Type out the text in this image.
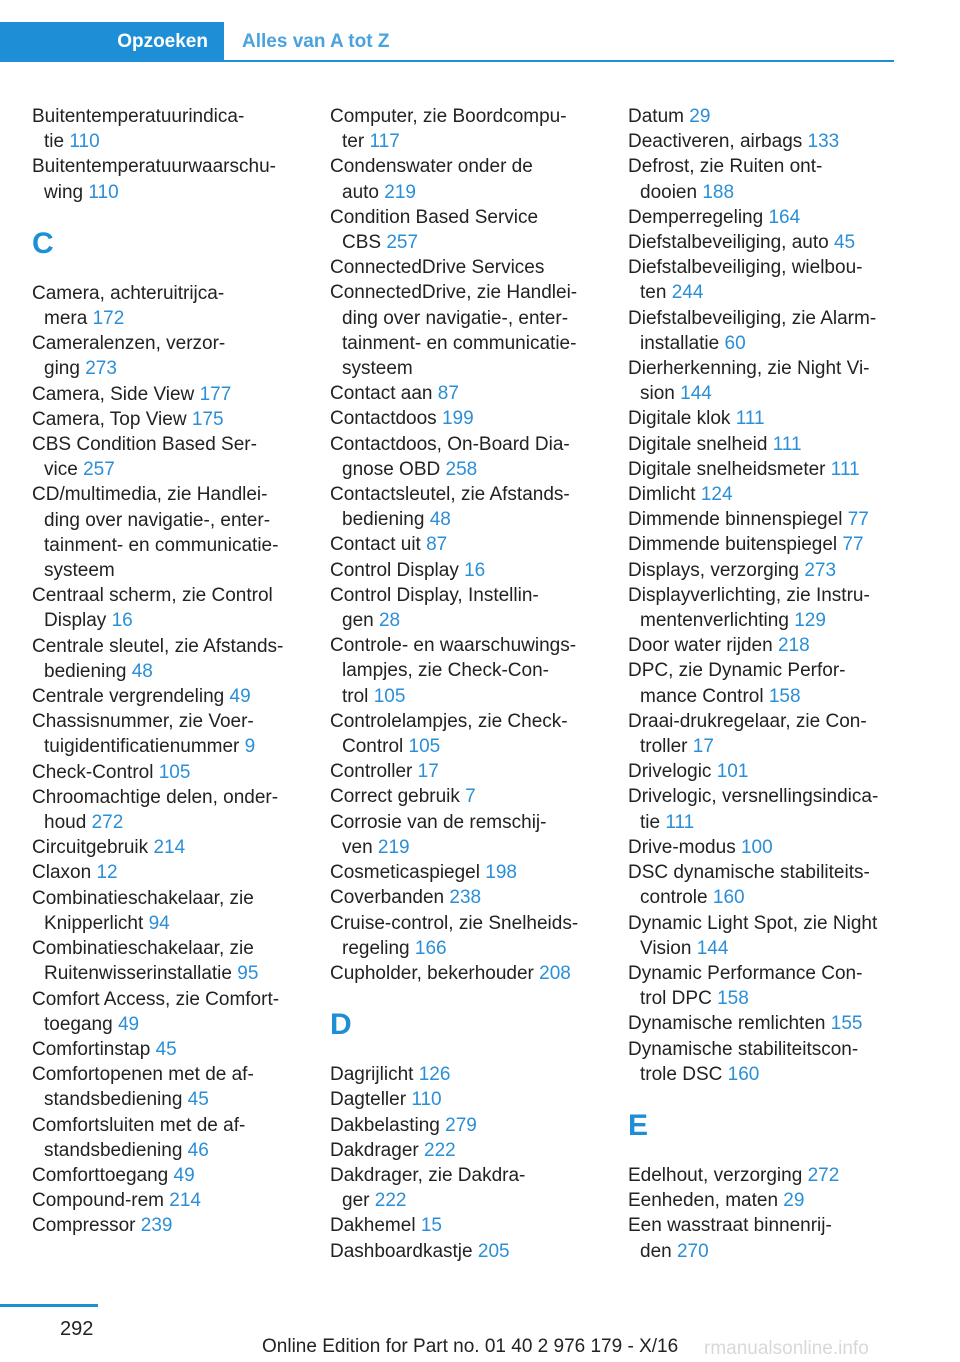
Opzoeken	Alles van A tot Z
Buitentemperatuurindica-
tie 110
Buitentemperatuurwaarschu-
wing 110
C
Camera, achteruitrijca-
mera 172
Cameralenzen, verzor-
ging 273
Camera, Side View 177
Camera, Top View 175
CBS Condition Based Ser-
vice 257
CD/multimedia, zie Handlei-
ding over navigatie-, enter-
tainment- en communicatie-
systeem
Centraal scherm, zie Control
Display 16
Centrale sleutel, zie Afstands-
bediening 48
Centrale vergrendeling 49
Chassisnummer, zie Voer-
tuigidentificatienummer 9
Check-Control 105
Chroomachtige delen, onder-
houd 272
Circuitgebruik 214
Claxon 12
Combinatieschakelaar, zie
Knipperlicht 94
Combinatieschakelaar, zie
Ruitenwisserinstallatie 95
Comfort Access, zie Comfort-
toegang 49
Comfortinstap 45
Comfortopenen met de af-
standsbediening 45
Comfortsluiten met de af-
standsbediening 46
Comforttoegang 49
Compound-rem 214
Compressor 239
Computer, zie Boordcompu-
ter 117
Condenswater onder de
auto 219
Condition Based Service
CBS 257
ConnectedDrive Services
ConnectedDrive, zie Handlei-
ding over navigatie-, enter-
tainment- en communicatie-
systeem
Contact aan 87
Contactdoos 199
Contactdoos, On-Board Dia-
gnose OBD 258
Contactsleutel, zie Afstands-
bediening 48
Contact uit 87
Control Display 16
Control Display, Instellin-
gen 28
Controle- en waarschuwings-
lampjes, zie Check-Con-
trol 105
Controlelampjes, zie Check-
Control 105
Controller 17
Correct gebruik 7
Corrosie van de remschij-
ven 219
Cosmeticaspiegel 198
Coverbanden 238
Cruise-control, zie Snelheids-
regeling 166
Cupholder, bekerhouder 208
D
Dagrijlicht 126
Dagteller 110
Dakbelasting 279
Dakdrager 222
Dakdrager, zie Dakdra-
ger 222
Dakhemel 15
Dashboardkastje 205
Datum 29
Deactiveren, airbags 133
Defrost, zie Ruiten ont-
dooien 188
Demperregeling 164
Diefstalbeveiliging, auto 45
Diefstalbeveiliging, wielbou-
ten 244
Diefstalbeveiliging, zie Alarm-
installatie 60
Dierherkenning, zie Night Vi-
sion 144
Digitale klok 111
Digitale snelheid 111
Digitale snelheidsmeter 111
Dimlicht 124
Dimmende binnenspiegel 77
Dimmende buitenspiegel 77
Displays, verzorging 273
Displayverlichting, zie Instru-
mentenverlichting 129
Door water rijden 218
DPC, zie Dynamic Perfor-
mance Control 158
Draai-drukregelaar, zie Con-
troller 17
Drivelogic 101
Drivelogic, versnellingsindica-
tie 111
Drive-modus 100
DSC dynamische stabiliteits-
controle 160
Dynamic Light Spot, zie Night
Vision 144
Dynamic Performance Con-
trol DPC 158
Dynamische remlichten 155
Dynamische stabiliteitscon-
trole DSC 160
E
Edelhout, verzorging 272
Eenheden, maten 29
Een wasstraat binnenrij-
den 270
292
Online Edition for Part no. 01 40 2 976 179 - X/16 rmanualsonline.info
